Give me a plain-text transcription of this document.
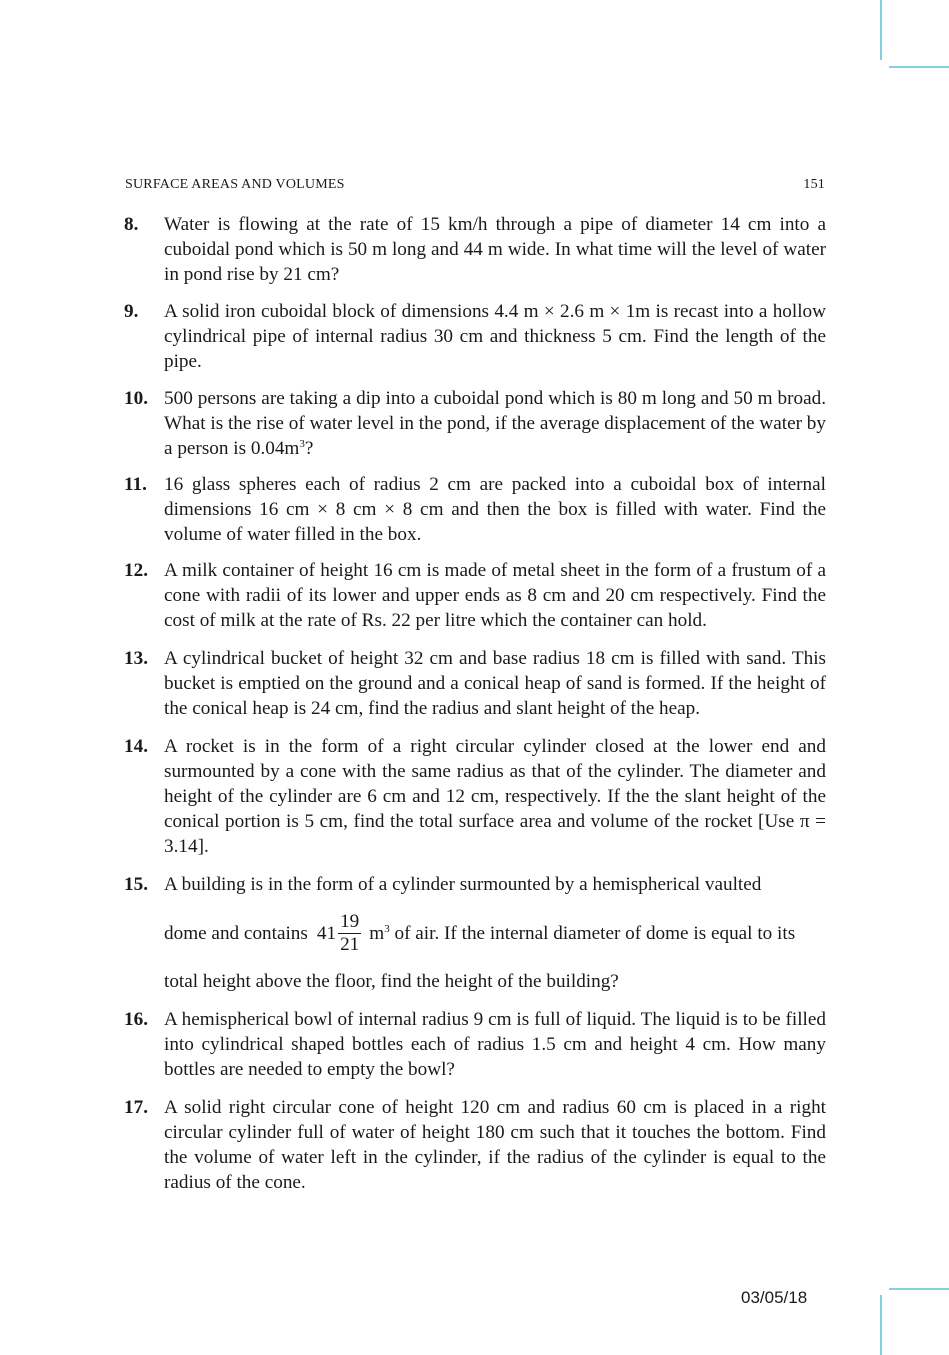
SURFACE AREAS AND VOLUMES	151
8. Water is flowing at the rate of 15 km/h through a pipe of diameter 14 cm into a cuboidal pond which is 50 m long and 44 m wide. In what time will the level of water in pond rise by 21 cm?

9. A solid iron cuboidal block of dimensions 4.4 m × 2.6 m × 1m is recast into a hollow cylindrical pipe of internal radius 30 cm and thickness 5 cm. Find the length of the pipe.

10. 500 persons are taking a dip into a cuboidal pond which is 80 m long and 50 m broad. What is the rise of water level in the pond, if the average displacement of the water by a person is $0.04m^3$?

11. 16 glass spheres each of radius 2 cm are packed into a cuboidal box of internal dimensions 16 cm × 8 cm × 8 cm and then the box is filled with water. Find the volume of water filled in the box.

12. A milk container of height 16 cm is made of metal sheet in the form of a frustum of a cone with radii of its lower and upper ends as 8 cm and 20 cm respectively. Find the cost of milk at the rate of Rs. 22 per litre which the container can hold.

13. A cylindrical bucket of height 32 cm and base radius 18 cm is filled with sand. This bucket is emptied on the ground and a conical heap of sand is formed. If the height of the conical heap is 24 cm, find the radius and slant height of the heap.

14. A rocket is in the form of a right circular cylinder closed at the lower end and surmounted by a cone with the same radius as that of the cylinder. The diameter and height of the cylinder are 6 cm and 12 cm, respectively. If the the slant height of the conical portion is 5 cm, find the total surface area and volume of the rocket [Use π = 3.14].

15. A building is in the form of a cylinder surmounted by a hemispherical vaulted

dome and contains $41 \frac{19}{21} m^3$ of air. If the internal diameter of dome is equal to its

total height above the floor, find the height of the building?

16. A hemispherical bowl of internal radius 9 cm is full of liquid. The liquid is to be filled into cylindrical shaped bottles each of radius 1.5 cm and height 4 cm. How many bottles are needed to empty the bowl?

17. A solid right circular cone of height 120 cm and radius 60 cm is placed in a right circular cylinder full of water of height 180 cm such that it touches the bottom. Find the volume of water left in the cylinder, if the radius of the cylinder is equal to the radius of the cone.

03/05/18
